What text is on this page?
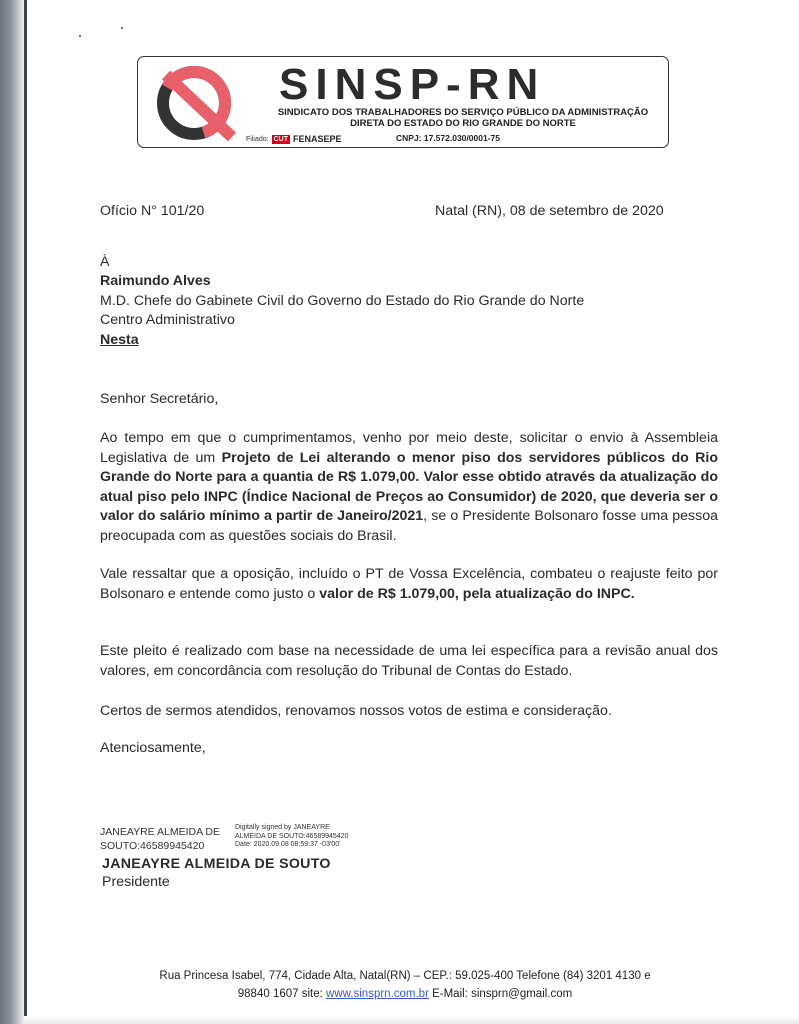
SINSP-RN
SINDICATO DOS TRABALHADORES DO SERVIÇO PÚBLICO DA ADMINISTRAÇÃO
DIRETA DO ESTADO DO RIO GRANDE DO NORTE
Filiado: CUT FENASEPE	CNPJ: 17.572.030/0001-75
Ofício N° 101/20	Natal (RN), 08 de setembro de 2020
À
Raimundo Alves
M.D. Chefe do Gabinete Civil do Governo do Estado do Rio Grande do Norte
Centro Administrativo
Nesta
Senhor Secretário,
Ao tempo em que o cumprimentamos, venho por meio deste, solicitar o envio à Assembleia Legislativa de um Projeto de Lei alterando o menor piso dos servidores públicos do Rio Grande do Norte para a quantia de R$ 1.079,00. Valor esse obtido através da atualização do atual piso pelo INPC (Índice Nacional de Preços ao Consumidor) de 2020, que deveria ser o valor do salário mínimo a partir de Janeiro/2021, se o Presidente Bolsonaro fosse uma pessoa preocupada com as questões sociais do Brasil.
Vale ressaltar que a oposição, incluído o PT de Vossa Excelência, combateu o reajuste feito por Bolsonaro e entende como justo o valor de R$ 1.079,00, pela atualização do INPC.
Este pleito é realizado com base na necessidade de uma lei específica para a revisão anual dos valores, em concordância com resolução do Tribunal de Contas do Estado.
Certos de sermos atendidos, renovamos nossos votos de estima e consideração.
Atenciosamente,
JANEAYRE ALMEIDA DE
SOUTO:46589945420
Digitally signed by JANEAYRE
ALMEIDA DE SOUTO:46589945420
Date: 2020.09.08 08:59:37 -03'00'
JANEAYRE ALMEIDA DE SOUTO
Presidente
Rua Princesa Isabel, 774, Cidade Alta, Natal(RN) – CEP.: 59.025-400 Telefone (84) 3201 4130 e
98840 1607 site: www.sinsprn.com.br E-Mail: sinsprn@gmail.com
